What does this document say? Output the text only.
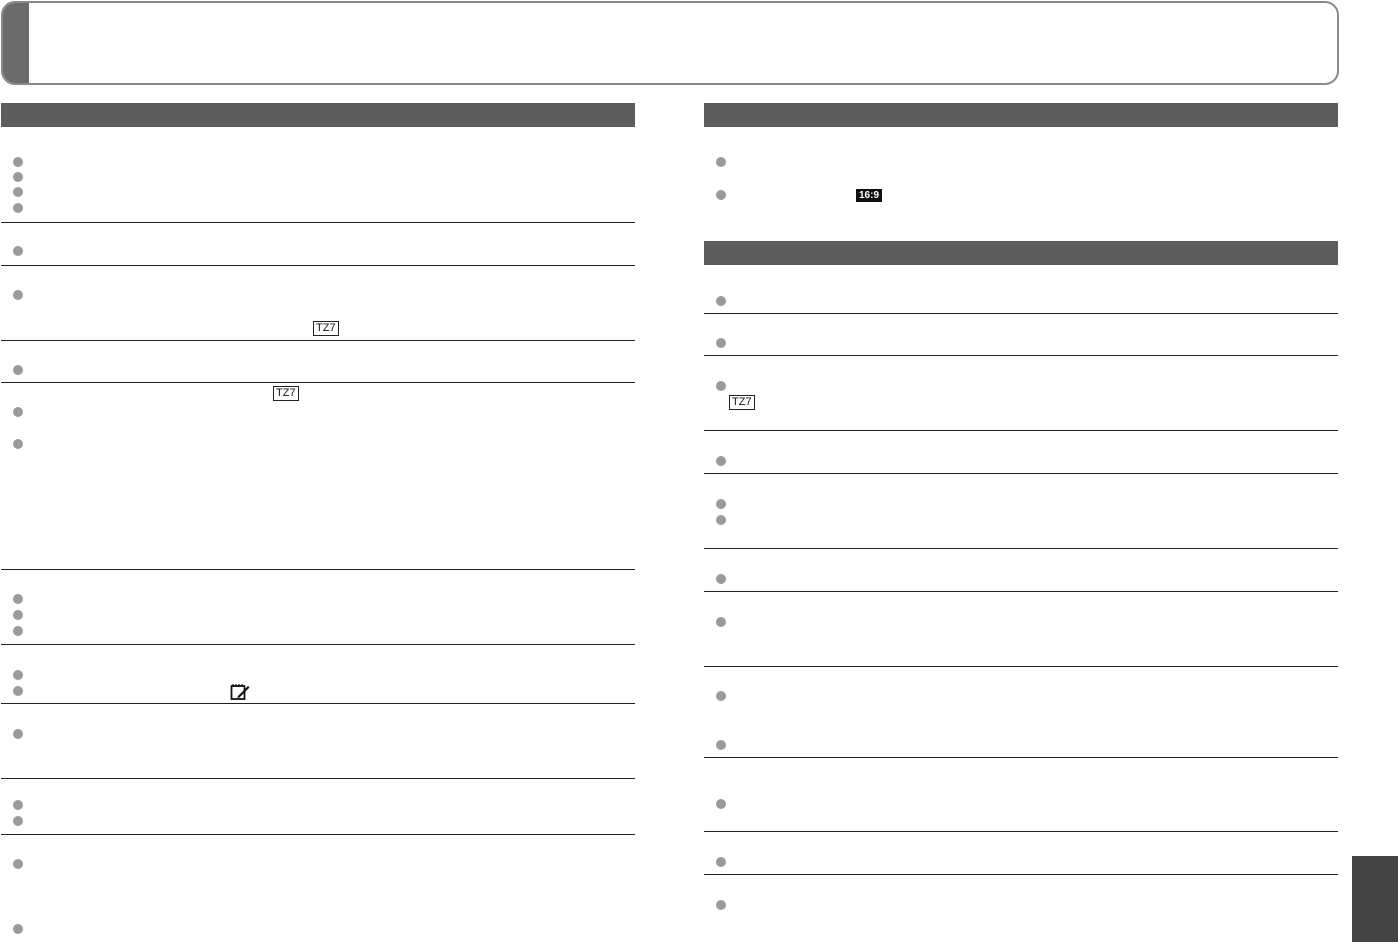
TZ7
TZ7
16:9
TZ7
